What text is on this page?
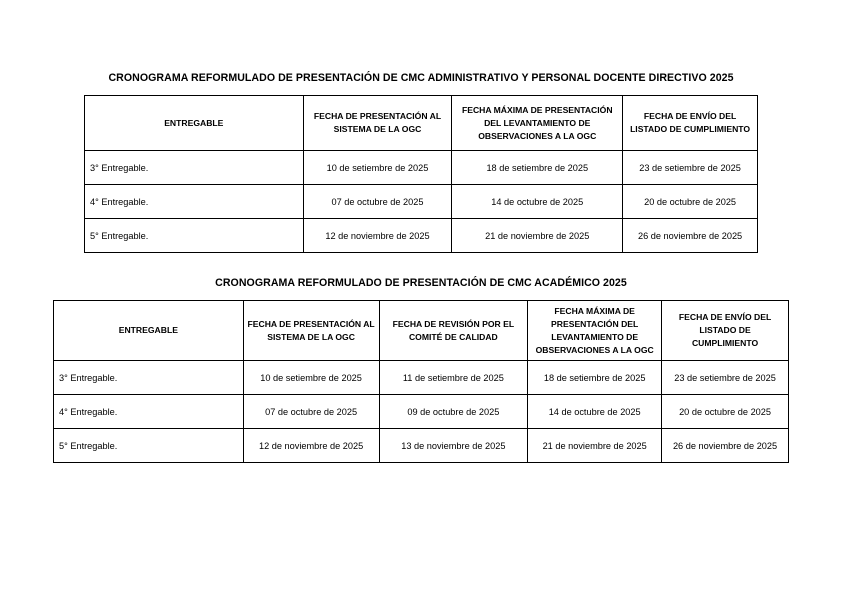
CRONOGRAMA REFORMULADO DE PRESENTACIÓN DE CMC ADMINISTRATIVO Y PERSONAL DOCENTE DIRECTIVO 2025
ENTREGABLE	FECHA DE PRESENTACIÓN AL SISTEMA DE LA OGC	FECHA MÁXIMA DE PRESENTACIÓN DEL LEVANTAMIENTO DE OBSERVACIONES A LA OGC	FECHA DE ENVÍO DEL LISTADO DE CUMPLIMIENTO
3° Entregable.	10 de setiembre de 2025	18 de setiembre de 2025	23 de setiembre de 2025
4° Entregable.	07 de octubre de 2025	14 de octubre de 2025	20 de octubre de 2025
5° Entregable.	12 de noviembre de 2025	21 de noviembre de 2025	26 de noviembre de 2025
CRONOGRAMA REFORMULADO DE PRESENTACIÓN DE CMC ACADÉMICO 2025
ENTREGABLE	FECHA DE PRESENTACIÓN AL SISTEMA DE LA OGC	FECHA DE REVISIÓN POR EL COMITÉ DE CALIDAD	FECHA MÁXIMA DE PRESENTACIÓN DEL LEVANTAMIENTO DE OBSERVACIONES A LA OGC	FECHA DE ENVÍO DEL LISTADO DE CUMPLIMIENTO
3° Entregable.	10 de setiembre de 2025	11 de setiembre de 2025	18 de setiembre de 2025	23 de setiembre de 2025
4° Entregable.	07 de octubre de 2025	09 de octubre de 2025	14 de octubre de 2025	20 de octubre de 2025
5° Entregable.	12 de noviembre de 2025	13 de noviembre de 2025	21 de noviembre de 2025	26 de noviembre de 2025
